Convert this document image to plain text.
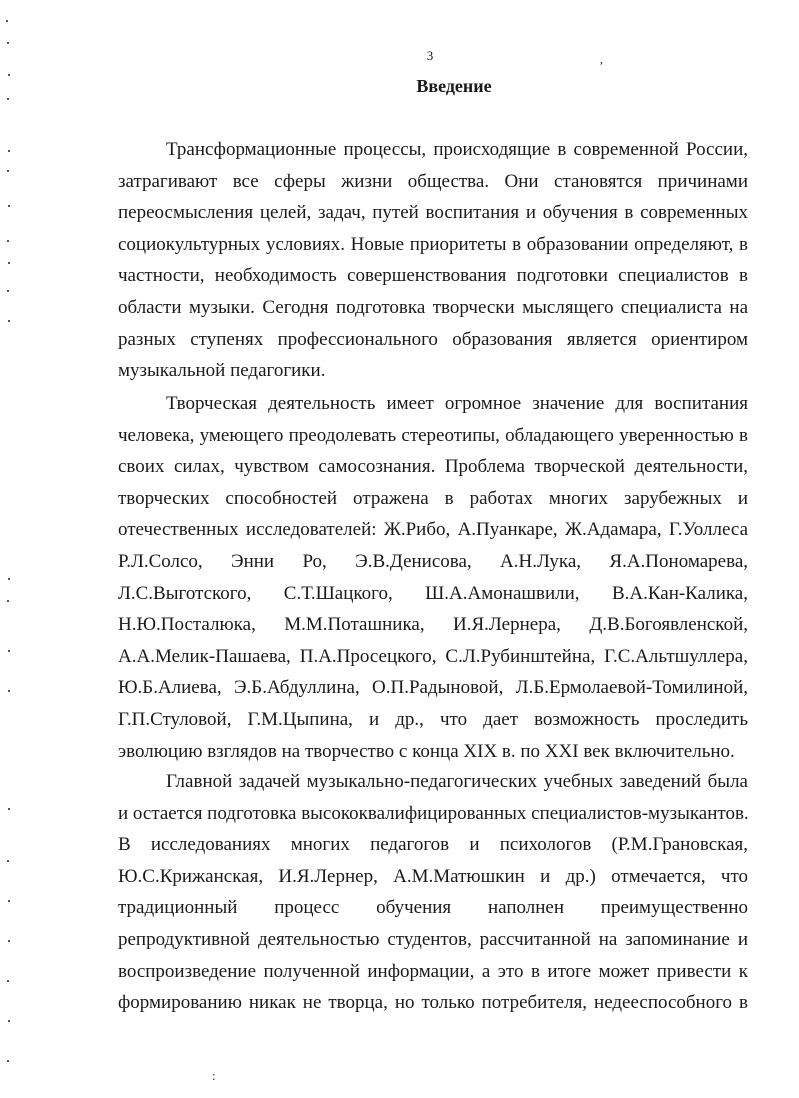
3	,
Введение
Трансформационные процессы, происходящие в современной России,
затрагивают все сферы жизни общества. Они становятся причинами
переосмысления целей, задач, путей воспитания и обучения в современных
социокультурных условиях. Новые приоритеты в образовании определяют, в
частности, необходимость совершенствования подготовки специалистов в
области музыки. Сегодня подготовка творчески мыслящего специалиста на
разных ступенях профессионального образования является ориентиром
музыкальной педагогики.
Творческая деятельность имеет огромное значение для воспитания
человека, умеющего преодолевать стереотипы, обладающего уверенностью в
своих силах, чувством самосознания. Проблема творческой деятельности,
творческих способностей отражена в работах многих зарубежных и
отечественных исследователей: Ж.Рибо, А.Пуанкаре, Ж.Адамара, Г.Уоллеса
Р.Л.Солсо, Энни Ро, Э.В.Денисова, А.Н.Лука, Я.А.Пономарева,
Л.С.Выготского, С.Т.Шацкого, Ш.А.Амонашвили, В.А.Кан-Калика,
Н.Ю.Посталюка, М.М.Поташника, И.Я.Лернера, Д.В.Богоявленской,
А.А.Мелик-Пашаева, П.А.Просецкого, С.Л.Рубинштейна, Г.С.Альтшуллера,
Ю.Б.Алиева, Э.Б.Абдуллина, О.П.Радыновой, Л.Б.Ермолаевой-Томилиной,
Г.П.Стуловой, Г.М.Цыпина, и др., что дает возможность проследить
эволюцию взглядов на творчество с конца XIX в. по XXI век включительно.
Главной задачей музыкально-педагогических учебных заведений была
и остается подготовка высококвалифицированных специалистов-музыкантов.
В исследованиях многих педагогов и психологов (Р.М.Грановская,
Ю.С.Крижанская, И.Я.Лернер, А.М.Матюшкин и др.) отмечается, что
традиционный процесс обучения наполнен преимущественно
репродуктивной деятельностью студентов, рассчитанной на запоминание и
воспроизведение полученной информации, а это в итоге может привести к
формированию никак не творца, но только потребителя, недееспособного в
:
